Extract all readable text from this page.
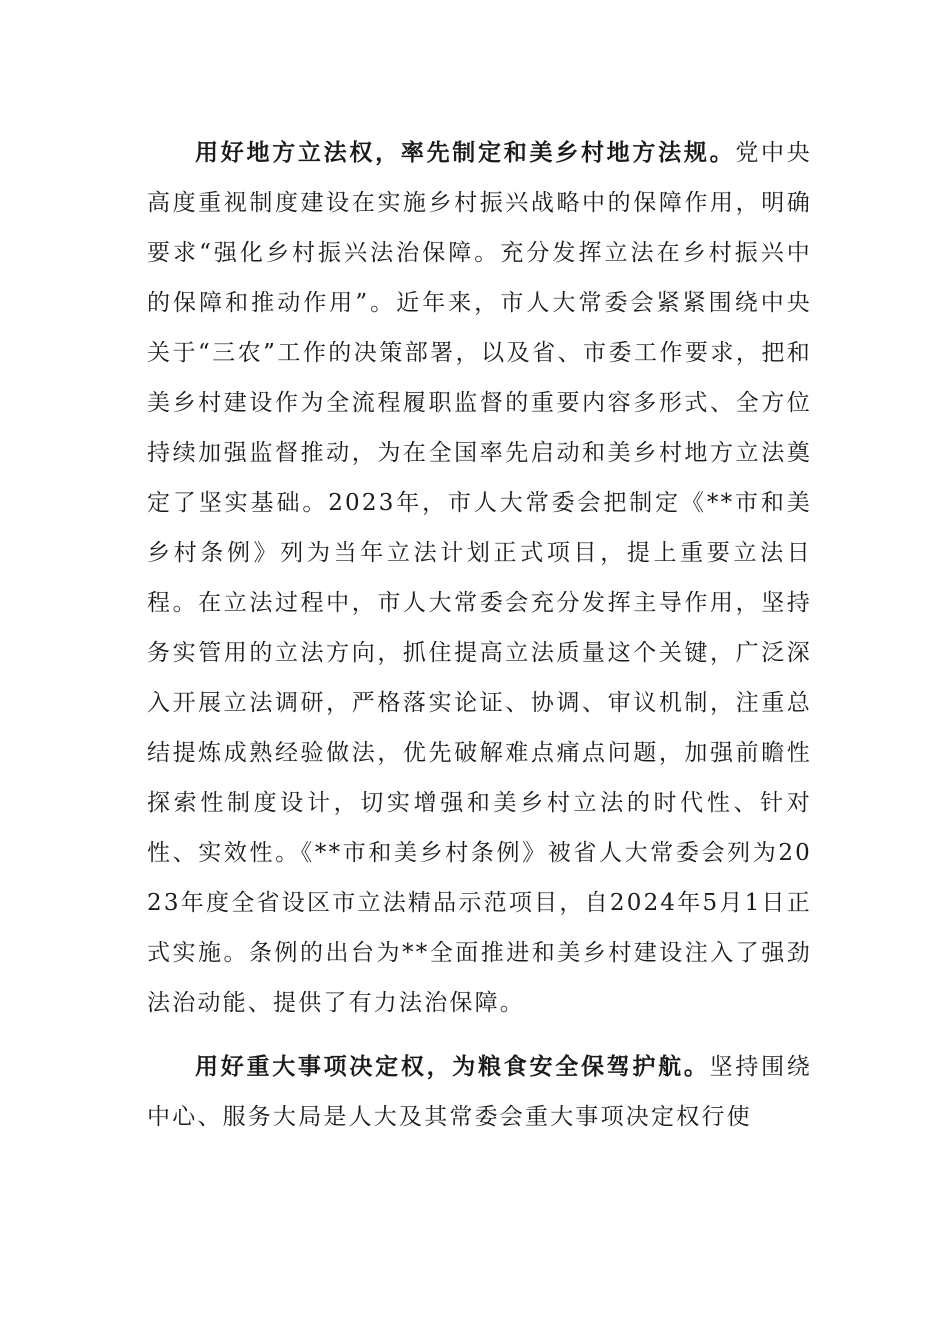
用好地方立法权，率先制定和美乡村地方法规。党中央高度重视制度建设在实施乡村振兴战略中的保障作用，明确要求“强化乡村振兴法治保障。充分发挥立法在乡村振兴中的保障和推动作用”。近年来，市人大常委会紧紧围绕中央关于“三农”工作的决策部署，以及省、市委工作要求，把和美乡村建设作为全流程履职监督的重要内容多形式、全方位持续加强监督推动，为在全国率先启动和美乡村地方立法奠定了坚实基础。2023年，市人大常委会把制定《**市和美乡村条例》列为当年立法计划正式项目，提上重要立法日程。在立法过程中，市人大常委会充分发挥主导作用，坚持务实管用的立法方向，抓住提高立法质量这个关键，广泛深入开展立法调研，严格落实论证、协调、审议机制，注重总结提炼成熟经验做法，优先破解难点痛点问题，加强前瞻性探索性制度设计，切实增强和美乡村立法的时代性、针对性、实效性。《**市和美乡村条例》被省人大常委会列为2023年度全省设区市立法精品示范项目，自2024年5月1日正式实施。条例的出台为**全面推进和美乡村建设注入了强劲法治动能、提供了有力法治保障。

用好重大事项决定权，为粮食安全保驾护航。坚持围绕中心、服务大局是人大及其常委会重大事项决定权行使
